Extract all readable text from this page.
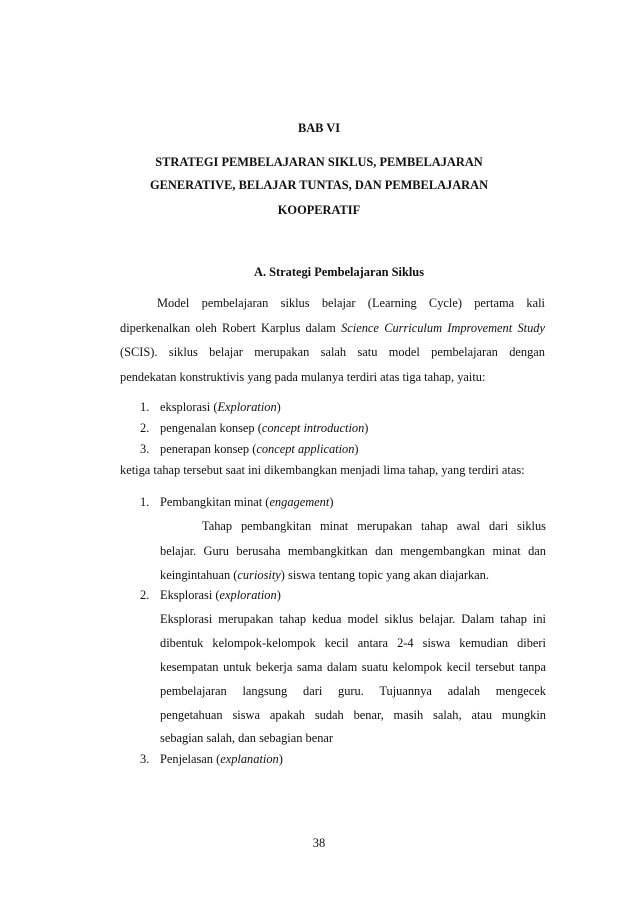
BAB VI
STRATEGI PEMBELAJARAN SIKLUS, PEMBELAJARAN
GENERATIVE, BELAJAR TUNTAS, DAN PEMBELAJARAN
KOOPERATIF
A. Strategi Pembelajaran Siklus
Model pembelajaran siklus belajar (Learning Cycle) pertama kali
diperkenalkan oleh Robert Karplus dalam Science Curriculum Improvement Study
(SCIS). siklus belajar merupakan salah satu model pembelajaran dengan
pendekatan konstruktivis yang pada mulanya terdiri atas tiga tahap, yaitu:
1. eksplorasi (Exploration)
2. pengenalan konsep (concept introduction)
3. penerapan konsep (concept application)
ketiga tahap tersebut saat ini dikembangkan menjadi lima tahap, yang terdiri atas:
1. Pembangkitan minat (engagement)
Tahap pembangkitan minat merupakan tahap awal dari siklus
belajar. Guru berusaha membangkitkan dan mengembangkan minat dan
keingintahuan (curiosity) siswa tentang topic yang akan diajarkan.
2. Eksplorasi (exploration)
Eksplorasi merupakan tahap kedua model siklus belajar. Dalam tahap ini
dibentuk kelompok-kelompok kecil antara 2-4 siswa kemudian diberi
kesempatan untuk bekerja sama dalam suatu kelompok kecil tersebut tanpa
pembelajaran langsung dari guru. Tujuannya adalah mengecek
pengetahuan siswa apakah sudah benar, masih salah, atau mungkin
sebagian salah, dan sebagian benar
3. Penjelasan (explanation)
38
